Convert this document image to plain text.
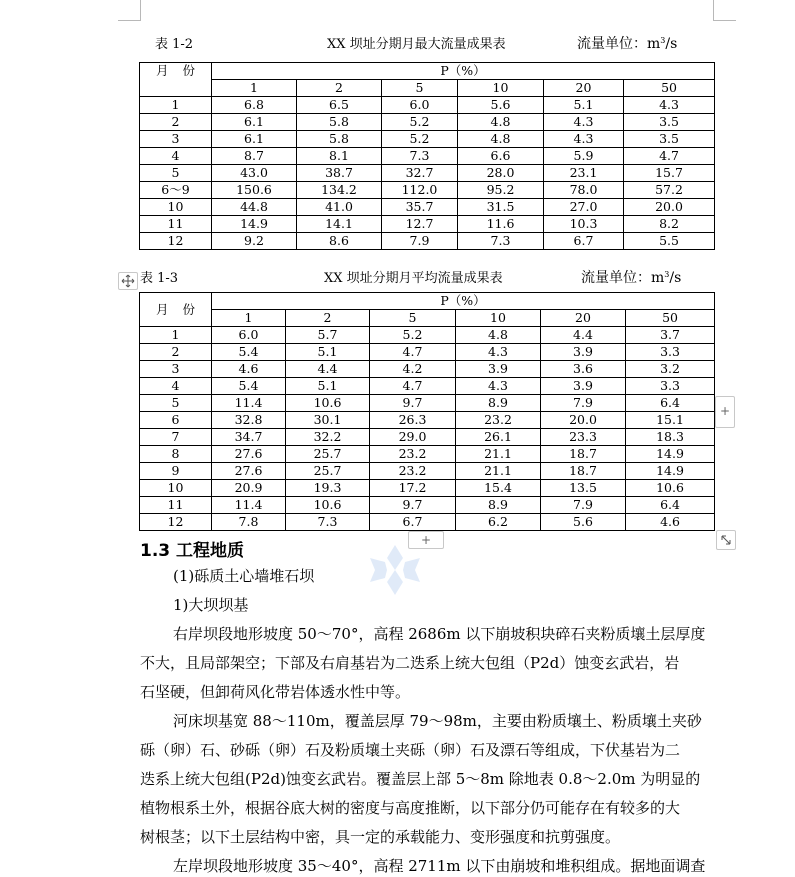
表 1-2	XX 坝址分期月最大流量成果表	流量单位：$m^3/s$
月份	P（%）					
	1	2	5	10	20	50
1	6.8	6.5	6.0	5.6	5.1	4.3
2	6.1	5.8	5.2	4.8	4.3	3.5
3	6.1	5.8	5.2	4.8	4.3	3.5
4	8.7	8.1	7.3	6.6	5.9	4.7
5	43.0	38.7	32.7	28.0	23.1	15.7
6～9	150.6	134.2	112.0	95.2	78.0	57.2
10	44.8	41.0	35.7	31.5	27.0	20.0
11	14.9	14.1	12.7	11.6	10.3	8.2
12	9.2	8.6	7.9	7.3	6.7	5.5
表 1-3	XX 坝址分期月平均流量成果表	流量单位：$m^3/s$
月份	P（%）					
	1	2	5	10	20	50
1	6.0	5.7	5.2	4.8	4.4	3.7
2	5.4	5.1	4.7	4.3	3.9	3.3
3	4.6	4.4	4.2	3.9	3.6	3.2
4	5.4	5.1	4.7	4.3	3.9	3.3
5	11.4	10.6	9.7	8.9	7.9	6.4
6	32.8	30.1	26.3	23.2	20.0	15.1
7	34.7	32.2	29.0	26.1	23.3	18.3
8	27.6	25.7	23.2	21.1	18.7	14.9
9	27.6	25.7	23.2	21.1	18.7	14.9
10	20.9	19.3	17.2	15.4	13.5	10.6
11	11.4	10.6	9.7	8.9	7.9	6.4
12	7.8	7.3	6.7	6.2	5.6	4.6
+
+
1.3 工程地质
(1)砾质土心墙堆石坝
1)大坝坝基
右岸坝段地形坡度 50～70°，高程 2686m 以下崩坡积块碎石夹粉质壤土层厚度
不大，且局部架空；下部及右肩基岩为二迭系上统大包组（P2d）蚀变玄武岩，岩
石坚硬，但卸荷风化带岩体透水性中等。
河床坝基宽 88～110m，覆盖层厚 79～98m，主要由粉质壤土、粉质壤土夹砂
砾（卵）石、砂砾（卵）石及粉质壤土夹砾（卵）石及漂石等组成，下伏基岩为二
迭系上统大包组(P2d)蚀变玄武岩。覆盖层上部 5～8m 除地表 0.8～2.0m 为明显的
植物根系土外，根据谷底大树的密度与高度推断，以下部分仍可能存在有较多的大
树根茎；以下土层结构中密，具一定的承载能力、变形强度和抗剪强度。
左岸坝段地形坡度 35～40°，高程 2711m 以下由崩坡和堆积组成。据地面调查
